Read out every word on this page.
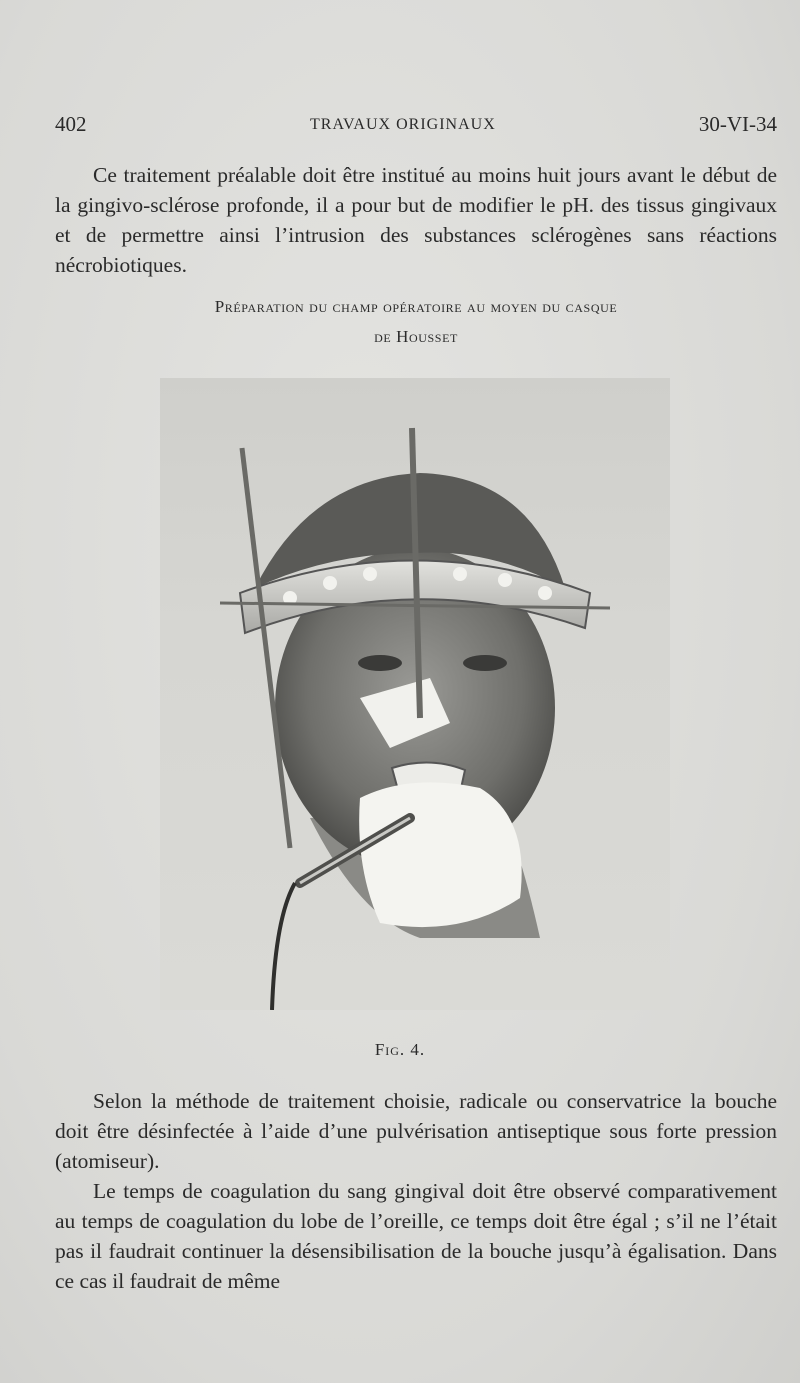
402	TRAVAUX ORIGINAUX	30-VI-34

Ce traitement préalable doit être institué au moins huit jours avant le début de la gingivo-sclérose profonde, il a pour but de modifier le pH. des tissus gingivaux et de permettre ainsi l’intrusion des substances sclérogènes sans réactions nécrobiotiques.

Préparation du champ opératoire au moyen du casque
de Housset
Fig. 4.

Selon la méthode de traitement choisie, radicale ou conservatrice la bouche doit être désinfectée à l’aide d’une pulvérisation antiseptique sous forte pression (atomiseur).

Le temps de coagulation du sang gingival doit être observé comparativement au temps de coagulation du lobe de l’oreille, ce temps doit être égal ; s’il ne l’était pas il faudrait continuer la désensibilisation de la bouche jusqu’à égalisation. Dans ce cas il faudrait de même
